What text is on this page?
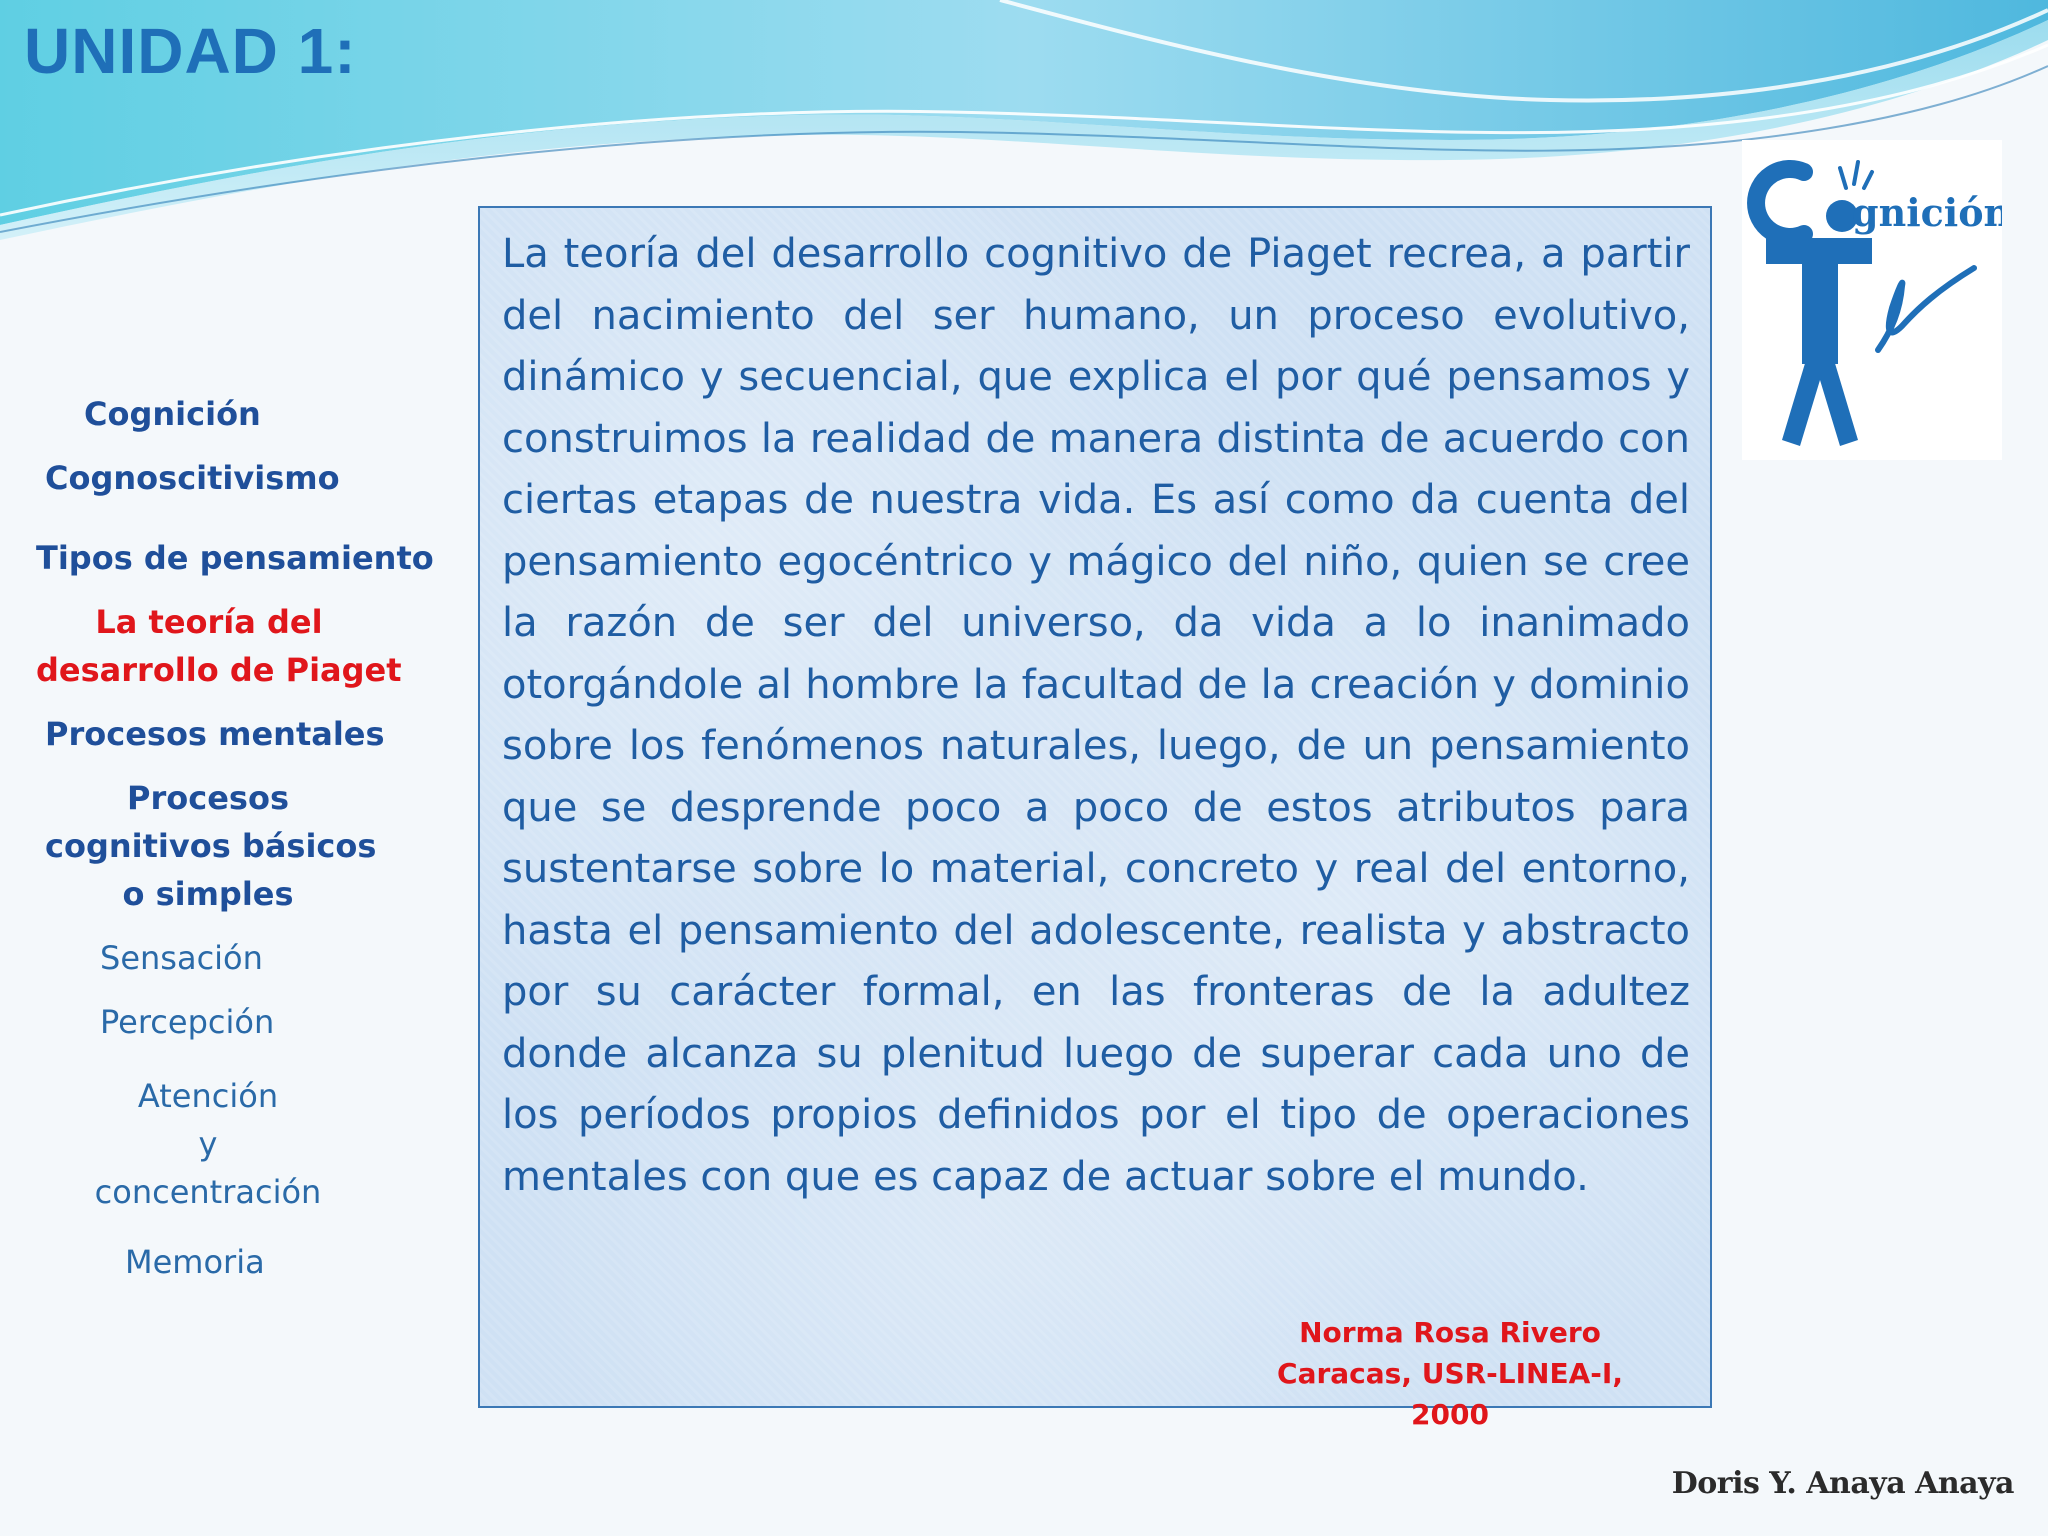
UNIDAD 1:
Cognición
Cognoscitivismo
Tipos de pensamiento
La teoría del
desarrollo de Piaget
Procesos mentales
Procesos
cognitivos básicos
o simples
Sensación
Percepción
Atención
y
concentración
Memoria

La teoría del desarrollo cognitivo de Piaget recrea, a partir del nacimiento del ser humano, un proceso evolutivo, dinámico y secuencial, que explica el por qué pensamos y construimos la realidad de manera distinta de acuerdo con ciertas etapas de nuestra vida. Es así como da cuenta del pensamiento egocéntrico y mágico del niño, quien se cree la razón de ser del universo, da vida a lo inanimado otorgándole al hombre la facultad de la creación y dominio sobre los fenómenos naturales, luego, de un pensamiento que se desprende poco a poco de estos atributos para sustentarse sobre lo material, concreto y real del entorno, hasta el pensamiento del adolescente, realista y abstracto por su carácter formal, en las fronteras de la adultez donde alcanza su plenitud luego de superar cada uno de los períodos propios definidos por el tipo de operaciones mentales con que es capaz de actuar sobre el mundo.

Norma Rosa Rivero
Caracas, USR-LINEA-I, 2000
gnición
Doris Y. Anaya Anaya
